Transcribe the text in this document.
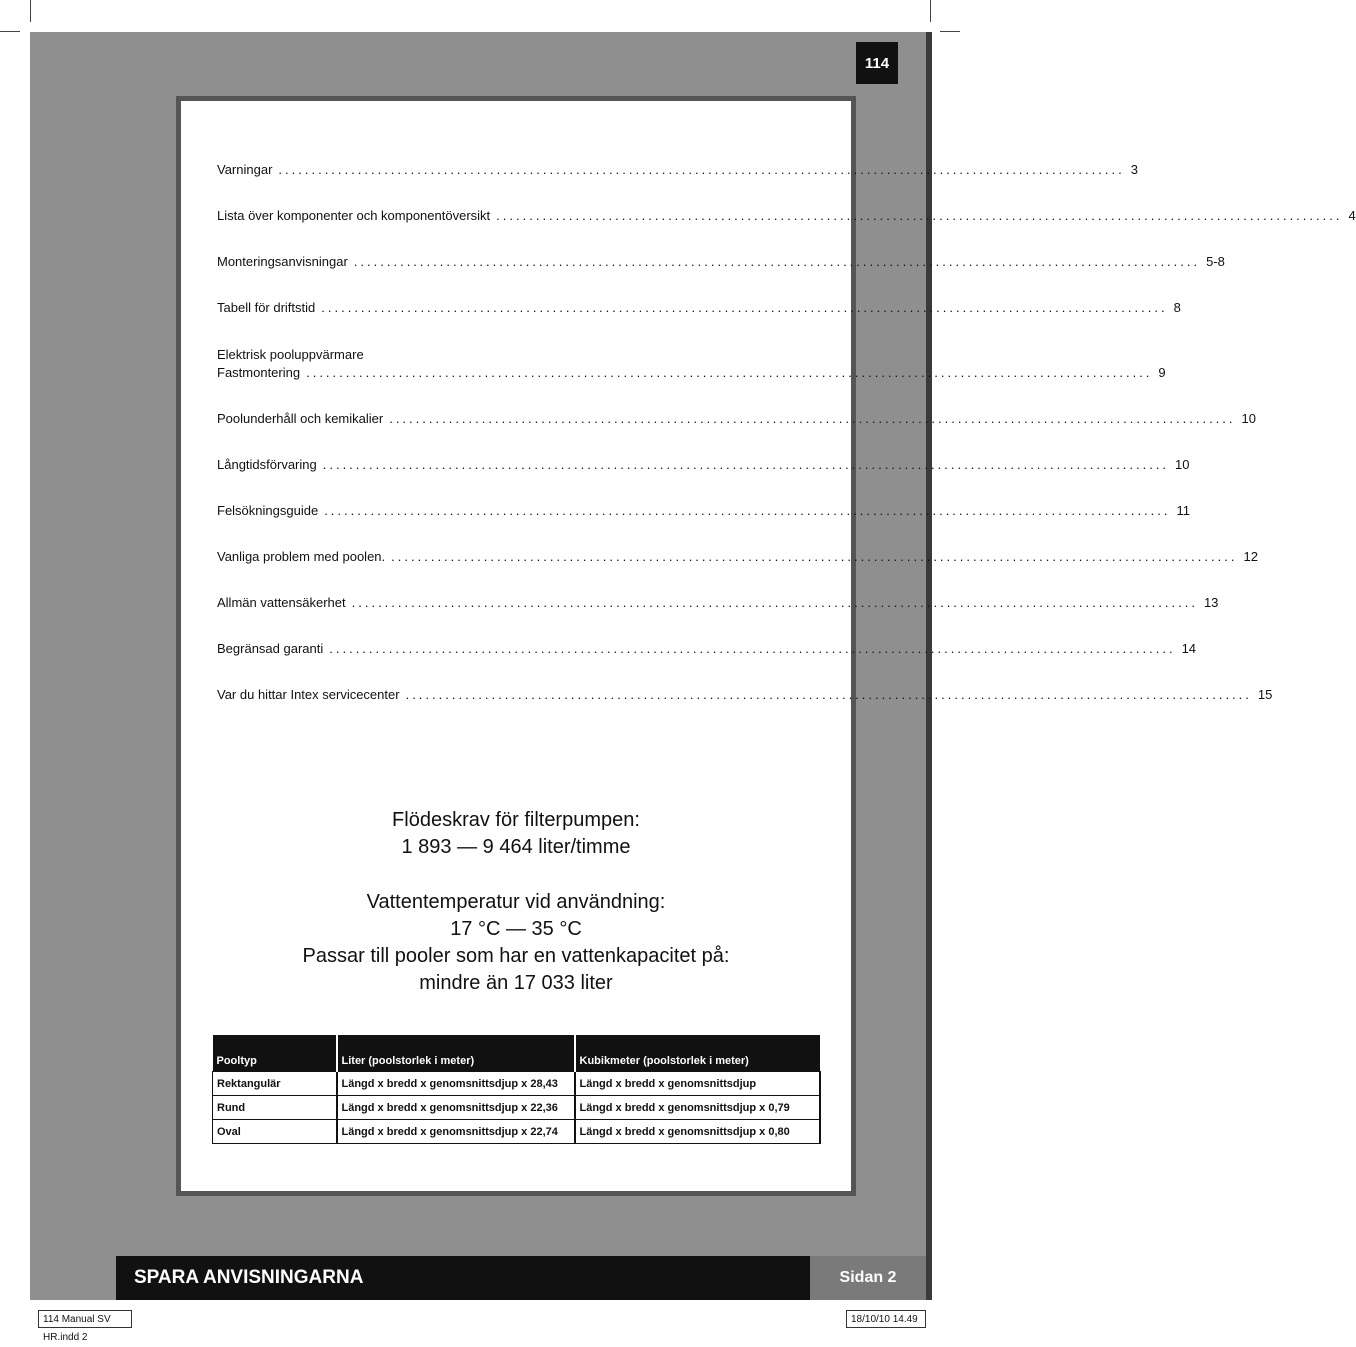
114
Varningar ................................................................................................................................ 3
Lista över komponenter och komponentöversikt ................................................................................................................................ 4
Monteringsanvisningar ................................................................................................................................ 5-8
Tabell för driftstid ................................................................................................................................ 8
Elektrisk pooluppvärmare
Fastmontering ................................................................................................................................ 9
Poolunderhåll och kemikalier ................................................................................................................................ 10
Långtidsförvaring ................................................................................................................................ 10
Felsökningsguide ................................................................................................................................ 11
Vanliga problem med poolen. ................................................................................................................................ 12
Allmän vattensäkerhet ................................................................................................................................ 13
Begränsad garanti ................................................................................................................................ 14
Var du hittar Intex servicecenter ................................................................................................................................ 15
Flödeskrav för filterpumpen:
1 893 — 9 464 liter/timme
Vattentemperatur vid användning:
17 °C — 35 °C
Passar till pooler som har en vattenkapacitet på:
mindre än 17 033 liter
Pooltyp	Liter (poolstorlek i meter)	Kubikmeter (poolstorlek i meter)
Rektangulär	Längd x bredd x genomsnittsdjup x 28,43	Längd x bredd x genomsnittsdjup
Rund	Längd x bredd x genomsnittsdjup x 22,36	Längd x bredd x genomsnittsdjup x 0,79
Oval	Längd x bredd x genomsnittsdjup x 22,74	Längd x bredd x genomsnittsdjup x 0,80
SPARA ANVISNINGARNA	Sidan 2
114 Manual SV HR.indd 2
18/10/10 14.49
